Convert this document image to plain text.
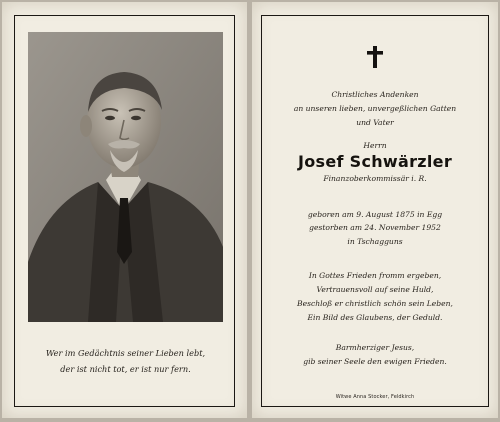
Wer im Gedächtnis seiner Lieben lebt,
der ist nicht tot, er ist nur fern.
Christliches Andenken
an unseren lieben, unvergeßlichen Gatten
und Vater
Herrn
Josef Schwärzler
Finanzoberkommissär i. R.
geboren am 9. August 1875 in Egg
gestorben am 24. November 1952
in Tschagguns
In Gottes Frieden fromm ergeben,
Vertrauensvoll auf seine Huld,
Beschloß er christlich schön sein Leben,
Ein Bild des Glaubens, der Geduld.
Barmherziger Jesus,
gib seiner Seele den ewigen Frieden.
Witwe Anna Stocker, Feldkirch
